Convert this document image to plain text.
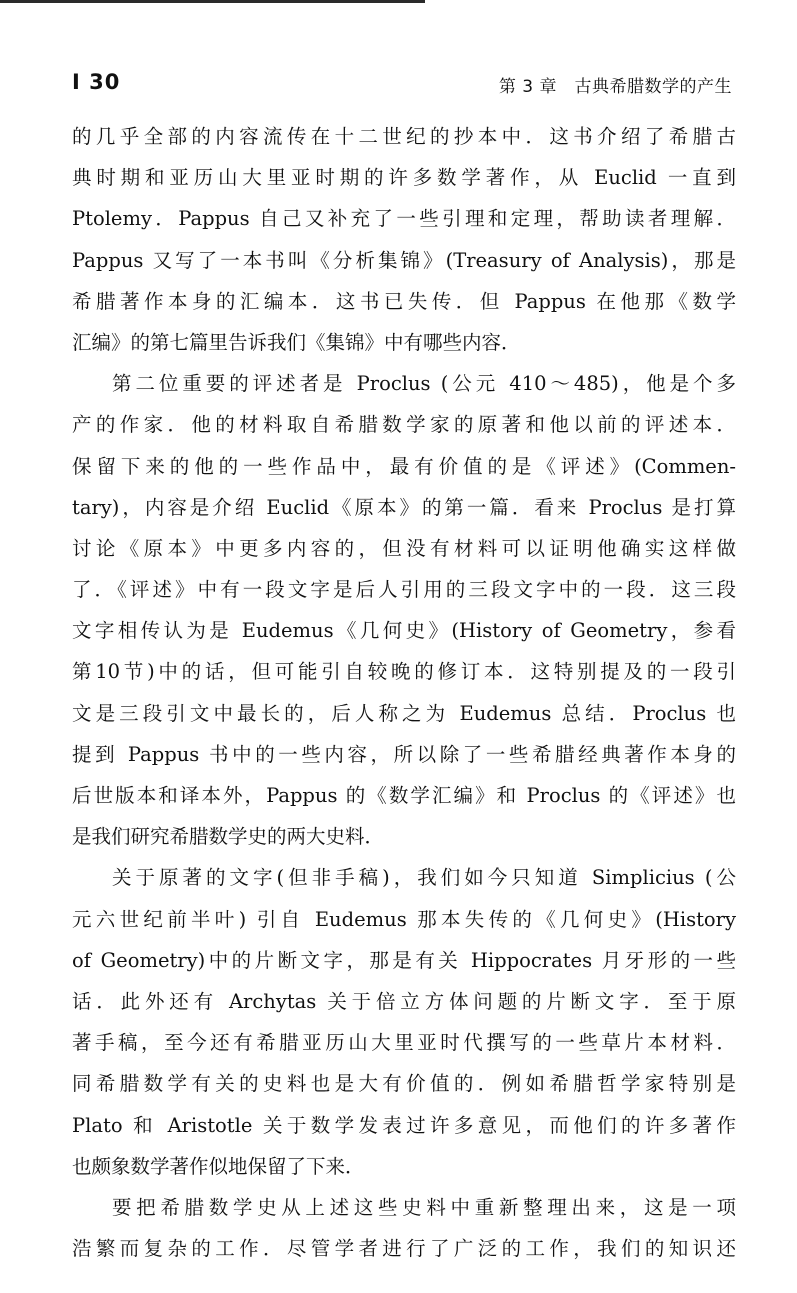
I 30	第 3 章　古典希腊数学的产生
的几乎全部的内容流传在十二世纪的抄本中．这书介绍了希腊古
典时期和亚历山大里亚时期的许多数学著作，从 Euclid 一直到
Ptolemy．Pappus 自己又补充了一些引理和定理，帮助读者理解．
Pappus 又写了一本书叫《分析集锦》(Treasury of Analysis)，那是
希腊著作本身的汇编本．这书已失传．但 Pappus 在他那《数学
汇编》的第七篇里告诉我们《集锦》中有哪些内容．
第二位重要的评述者是 Proclus (公元 410～485)，他是个多
产的作家．他的材料取自希腊数学家的原著和他以前的评述本．
保留下来的他的一些作品中，最有价值的是《评述》(Commen-
tary)，内容是介绍 Euclid《原本》的第一篇．看来 Proclus 是打算
讨论《原本》中更多内容的，但没有材料可以证明他确实这样做
了．《评述》中有一段文字是后人引用的三段文字中的一段．这三段
文字相传认为是 Eudemus《几何史》(History of Geometry，参看
第10节)中的话，但可能引自较晚的修订本．这特别提及的一段引
文是三段引文中最长的，后人称之为 Eudemus 总结．Proclus 也
提到 Pappus 书中的一些内容，所以除了一些希腊经典著作本身的
后世版本和译本外，Pappus 的《数学汇编》和 Proclus 的《评述》也
是我们研究希腊数学史的两大史料．
关于原著的文字(但非手稿)，我们如今只知道 Simplicius (公
元六世纪前半叶) 引自 Eudemus 那本失传的《几何史》(History
of Geometry)中的片断文字，那是有关 Hippocrates 月牙形的一些
话．此外还有 Archytas 关于倍立方体问题的片断文字．至于原
著手稿，至今还有希腊亚历山大里亚时代撰写的一些草片本材料．
同希腊数学有关的史料也是大有价值的．例如希腊哲学家特别是
Plato 和 Aristotle 关于数学发表过许多意见，而他们的许多著作
也颇象数学著作似地保留了下来．
要把希腊数学史从上述这些史料中重新整理出来，这是一项
浩繁而复杂的工作．尽管学者进行了广泛的工作，我们的知识还
